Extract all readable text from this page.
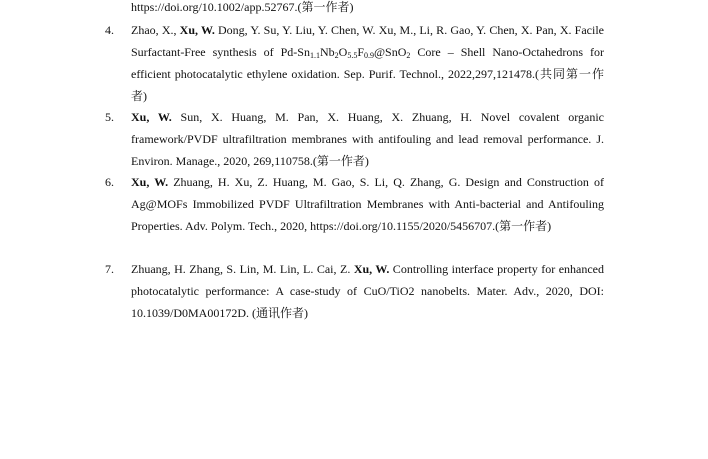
https://doi.org/10.1002/app.52767.(第一作者)
4. Zhao, X., Xu, W. Dong, Y. Su, Y. Liu, Y. Chen, W. Xu, M., Li, R. Gao, Y. Chen, X. Pan, X. Facile Surfactant-Free synthesis of $Pd-Sn_{1.1}Nb_2O_{5.5}F_{0.9}@SnO_2$ Core – Shell Nano-Octahedrons for efficient photocatalytic ethylene oxidation. Sep. Purif. Technol., 2022,297,121478.(共同第一作者)
5. Xu, W. Sun, X. Huang, M. Pan, X. Huang, X. Zhuang, H. Novel covalent organic framework/PVDF ultrafiltration membranes with antifouling and lead removal performance. J. Environ. Manage., 2020, 269,110758.(第一作者)
6. Xu, W. Zhuang, H. Xu, Z. Huang, M. Gao, S. Li, Q. Zhang, G. Design and Construction of Ag@MOFs Immobilized PVDF Ultrafiltration Membranes with Anti-bacterial and Antifouling Properties. Adv. Polym. Tech., 2020, https://doi.org/10.1155/2020/5456707.(第一作者)
7. Zhuang, H. Zhang, S. Lin, M. Lin, L. Cai, Z. Xu, W. Controlling interface property for enhanced photocatalytic performance: A case-study of CuO/TiO2 nanobelts. Mater. Adv., 2020, DOI: 10.1039/D0MA00172D. (通讯作者)
